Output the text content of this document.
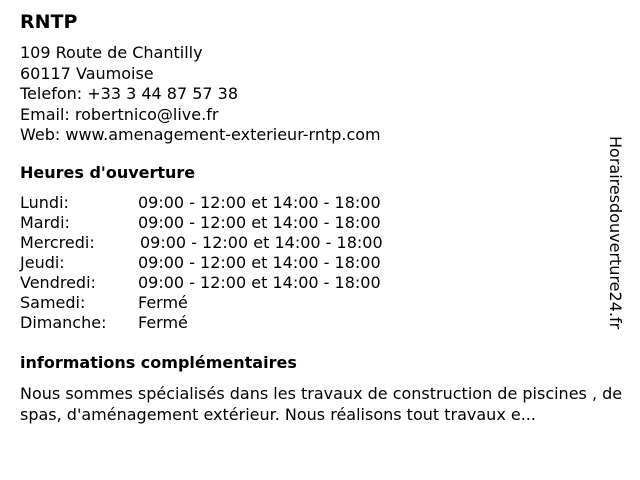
RNTP
109 Route de Chantilly
60117 Vaumoise
Telefon: +33 3 44 87 57 38
Email: robertnico@live.fr
Web: www.amenagement-exterieur-rntp.com
Heures d'ouverture
Lundi:	09:00 - 12:00 et 14:00 - 18:00
Mardi:	09:00 - 12:00 et 14:00 - 18:00
Mercredi:	09:00 - 12:00 et 14:00 - 18:00
Jeudi:	09:00 - 12:00 et 14:00 - 18:00
Vendredi:	09:00 - 12:00 et 14:00 - 18:00
Samedi:	Fermé
Dimanche:	Fermé
informations complémentaires
Nous sommes spécialisés dans les travaux de construction de piscines , de spas, d'aménagement extérieur. Nous réalisons tout travaux e...
Horairesdouverture24.fr
